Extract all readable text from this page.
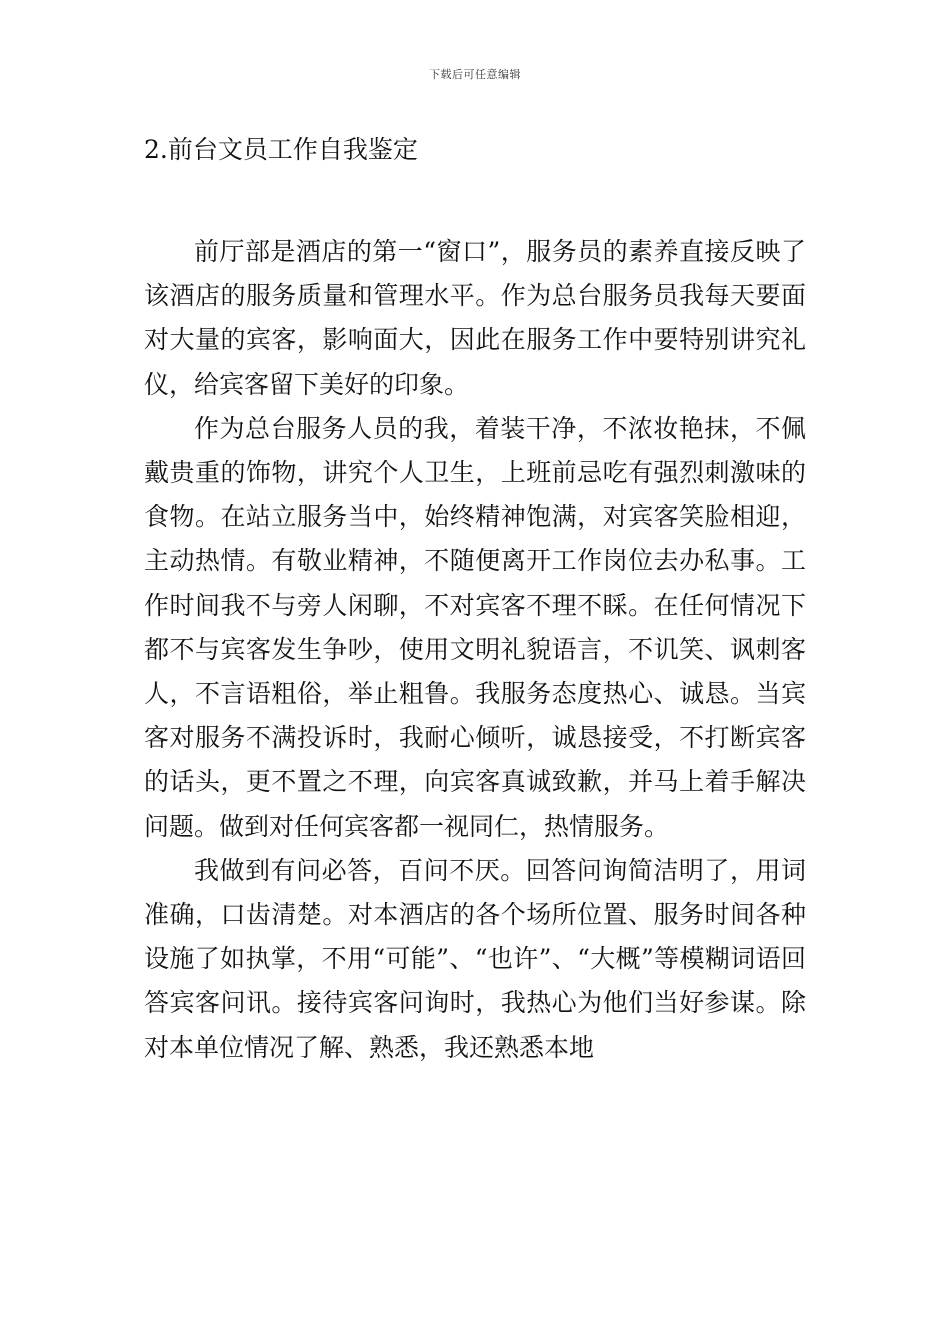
下载后可任意编辑
2.前台文员工作自我鉴定

前厅部是酒店的第一“窗口”，服务员的素养直接反映了该酒店的服务质量和管理水平。作为总台服务员我每天要面对大量的宾客，影响面大，因此在服务工作中要特别讲究礼仪，给宾客留下美好的印象。

作为总台服务人员的我，着装干净，不浓妆艳抹，不佩戴贵重的饰物，讲究个人卫生，上班前忌吃有强烈刺激味的食物。在站立服务当中，始终精神饱满，对宾客笑脸相迎，主动热情。有敬业精神，不随便离开工作岗位去办私事。工作时间我不与旁人闲聊，不对宾客不理不睬。在任何情况下都不与宾客发生争吵，使用文明礼貌语言，不讥笑、讽刺客人，不言语粗俗，举止粗鲁。我服务态度热心、诚恳。当宾客对服务不满投诉时，我耐心倾听，诚恳接受，不打断宾客的话头，更不置之不理，向宾客真诚致歉，并马上着手解决问题。做到对任何宾客都一视同仁，热情服务。

我做到有问必答，百问不厌。回答问询简洁明了，用词准确，口齿清楚。对本酒店的各个场所位置、服务时间各种设施了如执掌，不用“可能”、“也许”、“大概”等模糊词语回答宾客问讯。接待宾客问询时，我热心为他们当好参谋。除对本单位情况了解、熟悉，我还熟悉本地
